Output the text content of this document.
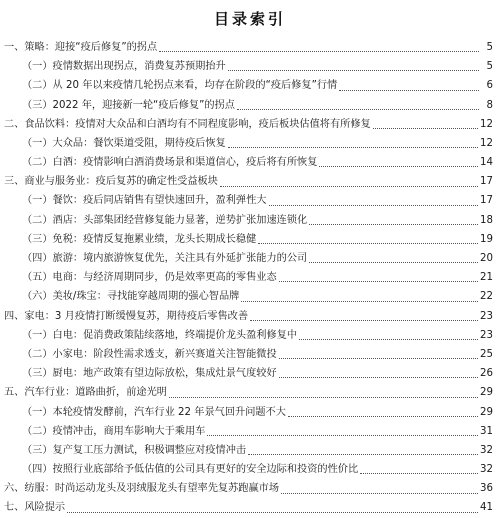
目录索引
一、策略：迎接“疫后修复”的拐点	5
（一）疫情数据出现拐点，消费复苏预期抬升	5
（二）从 20 年以来疫情几轮拐点来看，均存在阶段的“疫后修复”行情	6
（三）2022 年，迎接新一轮“疫后修复”的拐点	8
二、食品饮料：疫情对大众品和白酒均有不同程度影响，疫后板块估值将有所修复	12
（一）大众品：餐饮渠道受阻，期待疫后恢复	12
（二）白酒：疫情影响白酒消费场景和渠道信心，疫后将有所恢复	14
三、商业与服务业：疫后复苏的确定性受益板块	17
（一）餐饮：疫后同店销售有望快速回升，盈利弹性大	17
（二）酒店：头部集团经营修复能力显著，逆势扩张加速连锁化	18
（三）免税：疫情反复拖累业绩，龙头长期成长稳健	19
（四）旅游：境内旅游恢复优先，关注具有外延扩张能力的公司	20
（五）电商：与经济周期同步，仍是效率更高的零售业态	21
（六）美妆/珠宝：寻找能穿越周期的强心智品牌	22
四、家电：3 月疫情打断缓慢复苏，期待疫后零售改善	23
（一）白电：促消费政策陆续落地，终端提价龙头盈利修复中	23
（二）小家电：阶段性需求透支，新兴赛道关注智能微投	25
（三）厨电：地产政策有望边际放松，集成灶景气度较好	26
五、汽车行业：道路曲折，前途光明	29
（一）本轮疫情发酵前，汽车行业 22 年景气回升问题不大	29
（二）疫情冲击，商用车影响大于乘用车	31
（三）复产复工压力测试，积极调整应对疫情冲击	32
（四）按照行业底部给予低估值的公司具有更好的安全边际和投资的性价比	32
六、纺服：时尚运动龙头及羽绒服龙头有望率先复苏跑赢市场	36
七、风险提示	41
